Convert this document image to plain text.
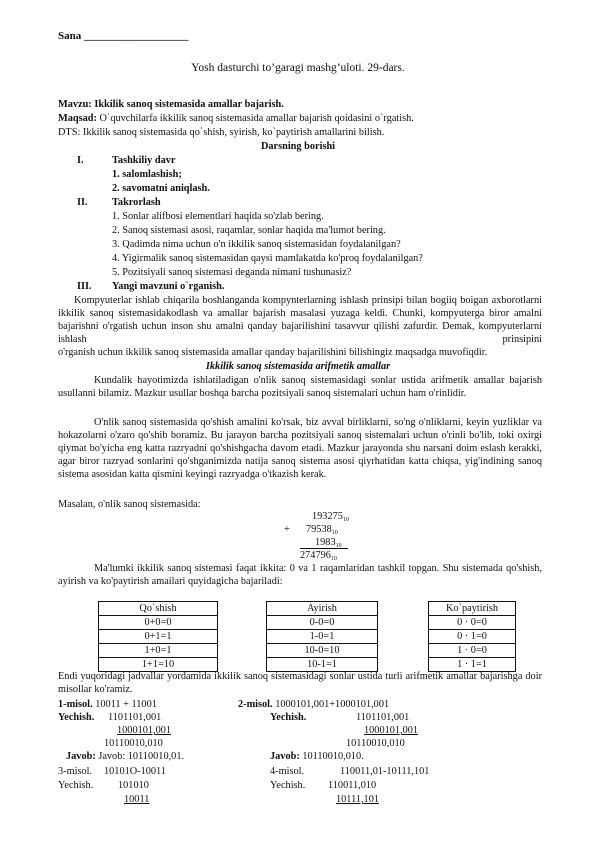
Sana ___________________
Yosh dasturchi to’garagi mashg’uloti. 29-dars.
Mavzu: Ikkilik sanoq sistemasida amallar bajarish.
Maqsad: O`quvchilarfa ikkilik sanoq sistemasida amallar bajarish qoidasini o`rgatish.
DTS: Ikkilik sanoq sistemasida qo`shish, syirish, ko`paytirish amallarini bilish.
Darsning borishi
I.	Tashkiliy davr
1. salomlashish;
2. savomatni aniqlash.
II. Takrorlash
1. Sonlar alifbosi elementlari haqida so'zlab bering.
2. Sanoq sistemasi asosi, raqamlar, sonlar haqida ma'lumot bering.
3. Qadimda nima uchun o'n ikkilik sanoq sistemasidan foydalanilgan?
4. Yigirmalik sanoq sistemasidan qaysi mamlakatda ko'proq foydalanilgan?
5. Pozitsiyali sanoq sistemasi deganda nimani tushunasiz?
III. Yangi mavzuni o`rganish.
Kompyuterlar ishlab chiqarila boshlanganda kompynterlarning ishlash prinsipi bilan bogiiq boigan axborotlarni ikkilik sanoq sistemasidakodlash va amallar bajarish masalasi yuzaga keldi. Chunki, kompyuterga biror amalni bajarishni o'rgatish uchun inson shu amalni qanday bajarilishini tasavvur qilishi zafurdir. Demak, kompyuterlarni ishlash prinsipini
o'rganish uchun ikkilik sanoq sistemasida amallar qanday bajarilishini bilishingiz maqsadga muvofiqdir.
Ikkilik sanoq sistemasida arifmetik amallar
Kundalik hayotimizda ishlatiladigan o'nlik sanoq sistemasidagi sonlar ustida arifmetik amallar bajarish usullanni bilamiz. Mazkur usullar boshqa barcha pozitsiyali sanoq sistemalari uchun ham o'rinlidir.
O'nlik sanoq sistemasida qo'shish amalini ko'rsak, biz avval birliklarni, so'ng o'nliklarni, keyin yuzliklar va hokazolarni o'zaro qo'shib boramiz. Bu jarayon barcha pozitsiyali sanoq sistemalari uchun o'rinli bo'lib, toki oxirgi qiymat bo'yicha eng katta razryadni qo'shishgacha davom etadi. Mazkur jarayonda shu narsani doim eslash kerakki, agar biror razryad sonlarini qo'shganimizda natija sanoq sistema asosi qiyrhatidan katta chiqsa, yig'indining sanoq sistema asosidan katta qismini keyingi razryadga o'tkazish kerak.
Masalan, o'nlik sanoq sistemasida:
$193275_{10}$
+ $79538_{10}$
$1983_{10}$
$274796_{10}$
Ma'lumki ikkilik sanoq sistemasi faqat ikkita: 0 va 1 raqamlaridan tashkil topgan. Shu sistemada qo'shish, ayirish va ko'paytirish amailari quyidagicha bajariladi:
Qo`shish
0+0=0
0+1=1
1+0=1
1+1=10
Ayirish
0-0=0
1-0=1
10-0=10
10-1=1
Ko`paytirish
0 · 0=0
0 · 1=0
1 · 0=0
1 · 1=1
Endi yuqoridagi jadvallar yordamida ikkilik sanoq sistemasidagi sonlar ustida turli arifmetik amallar bajarishga doir misollar ko'ramiz.
1-misol. 10011 + 11001
Yechish. 1101101,001
1000101,001
10110010,010
Javob: Javob: 10110010,01.
2-misol. 1000101,001+1000101,001
Yechish.	1101101,001
1000101,001
10110010,010
Javob: 10110010,010.
3-misol. 10101O-10011
Yechish. 101010
10011
4-misol.	110011,01-10111,101
Yechish. 110011,010
10111,101
